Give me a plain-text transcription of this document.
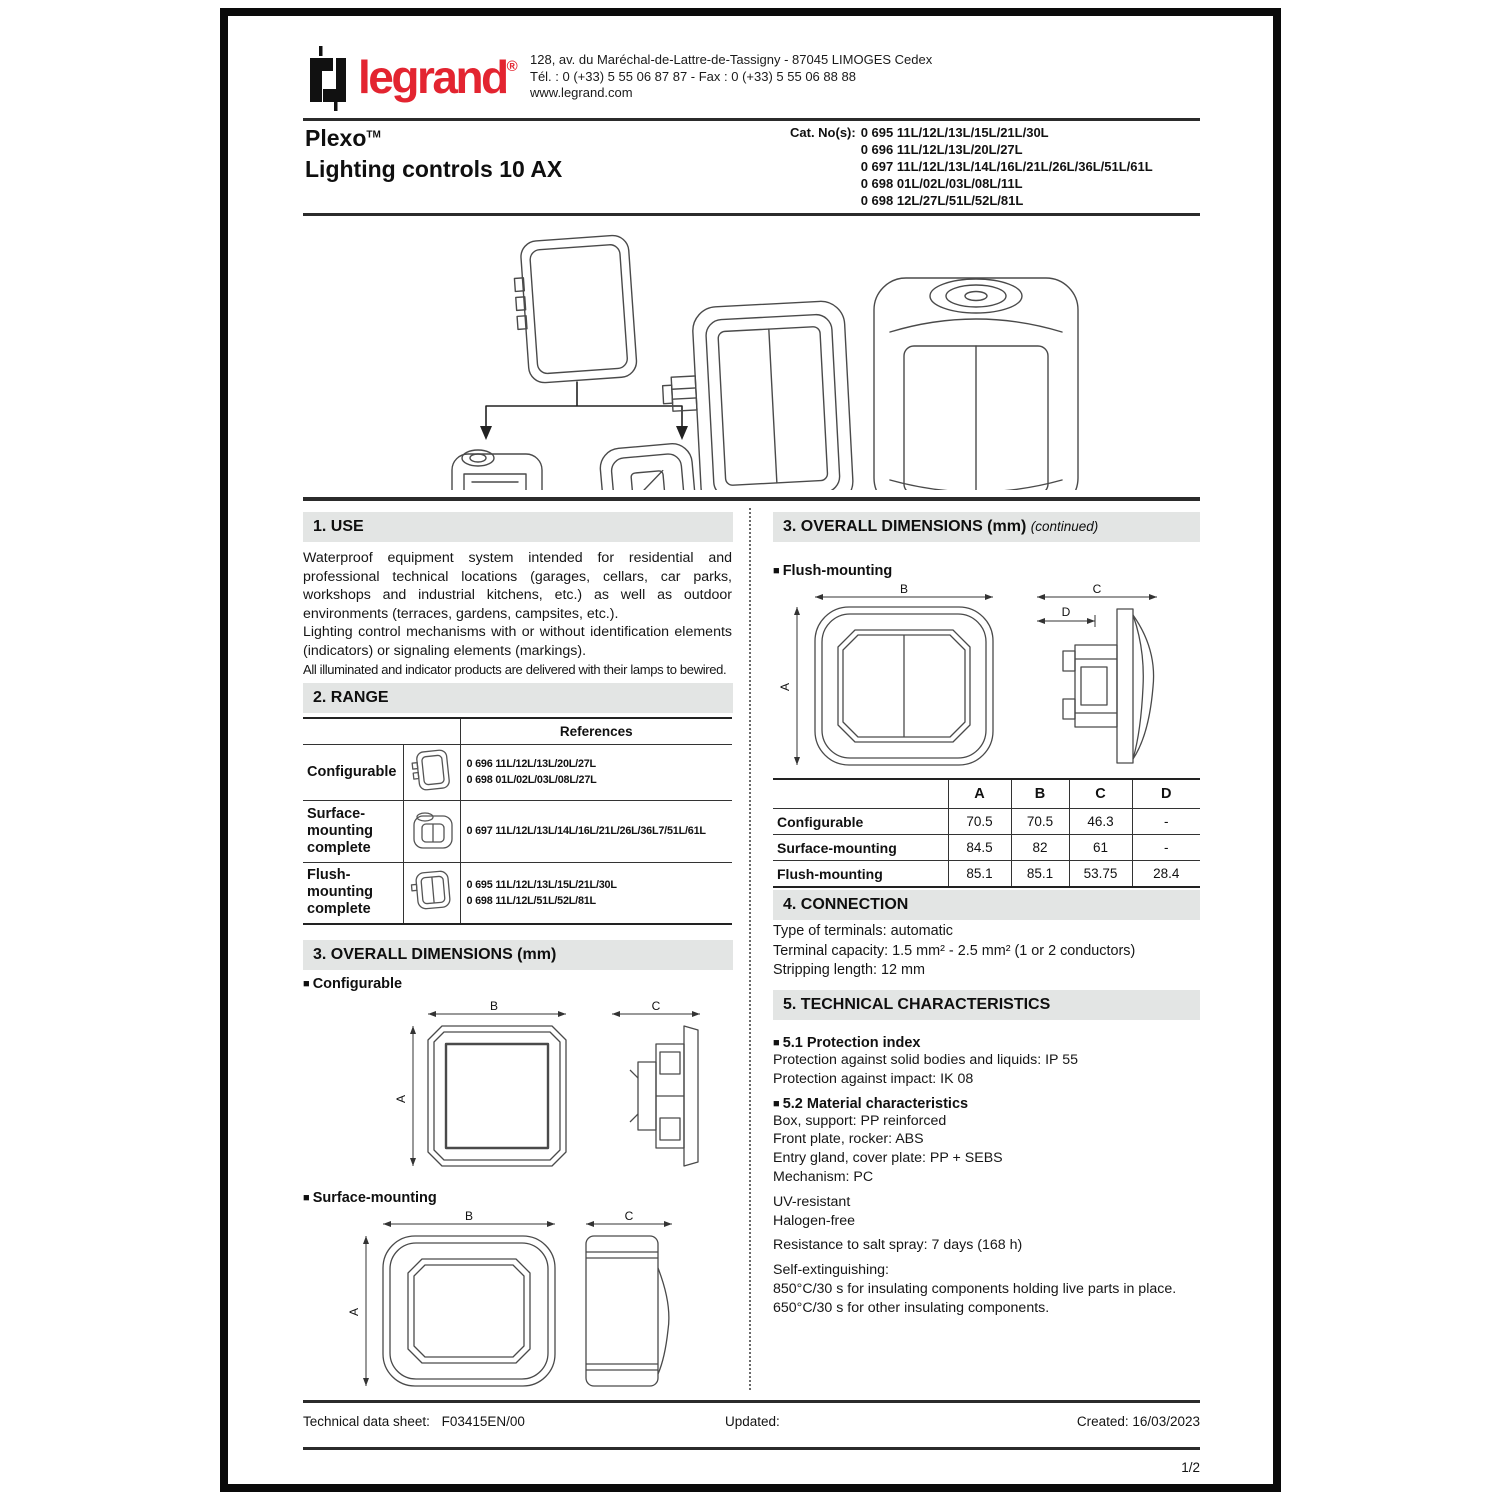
legrand® 128, av. du Maréchal-de-Lattre-de-Tassigny - 87045 LIMOGES Cedex
Tél. : 0 (+33) 5 55 06 87 87 - Fax : 0 (+33) 5 55 06 88 88
www.legrand.com
Plexo™
Lighting controls 10 AX
Cat. No(s): 0 695 11L/12L/13L/15L/21L/30L
0 696 11L/12L/13L/20L/27L
0 697 11L/12L/13L/14L/16L/21L/26L/36L/51L/61L
0 698 01L/02L/03L/08L/11L
0 698 12L/27L/51L/52L/81L
1. USE
Waterproof equipment system intended for residential and professional technical locations (garages, cellars, car parks, workshops and industrial kitchens, etc.) as well as outdoor environments (terraces, gardens, campsites, etc.).
Lighting control mechanisms with or without identification elements (indicators) or signaling elements (markings).
All illuminated and indicator products are delivered with their lamps to bewired.
2. RANGE
		References
Configurable		0 696 11L/12L/13L/20L/27L
0 698 01L/02L/03L/08L/27L

Surface-mounting complete		0 697 11L/12L/13L/14L/16L/21L/26L/36L7/51L/61L

Flush-mounting complete		0 695 11L/12L/13L/15L/21L/30L
0 698 11L/12L/51L/52L/81L
3. OVERALL DIMENSIONS (mm)
■ Configurable
B
A
C
■ Surface-mounting
B
A
C
3. OVERALL DIMENSIONS (mm) (continued)
■ Flush-mounting
B
A
C
D
	A	B	C	D
Configurable	70.5	70.5	46.3	-
Surface-mounting	84.5	82	61	-
Flush-mounting	85.1	85.1	53.75	28.4
4. CONNECTION
Type of terminals: automatic
Terminal capacity: 1.5 mm² - 2.5 mm² (1 or 2 conductors)
Stripping length: 12 mm
5. TECHNICAL CHARACTERISTICS
■ 5.1 Protection index
Protection against solid bodies and liquids: IP 55
Protection against impact: IK 08
■ 5.2 Material characteristics
Box, support: PP reinforced
Front plate, rocker: ABS
Entry gland, cover plate: PP + SEBS
Mechanism: PC
UV-resistant
Halogen-free
Resistance to salt spray: 7 days (168 h)
Self-extinguishing:
850°C/30 s for insulating components holding live parts in place.
650°C/30 s for other insulating components.
Technical data sheet: F03415EN/00	Updated:	Created: 16/03/2023
1/2
